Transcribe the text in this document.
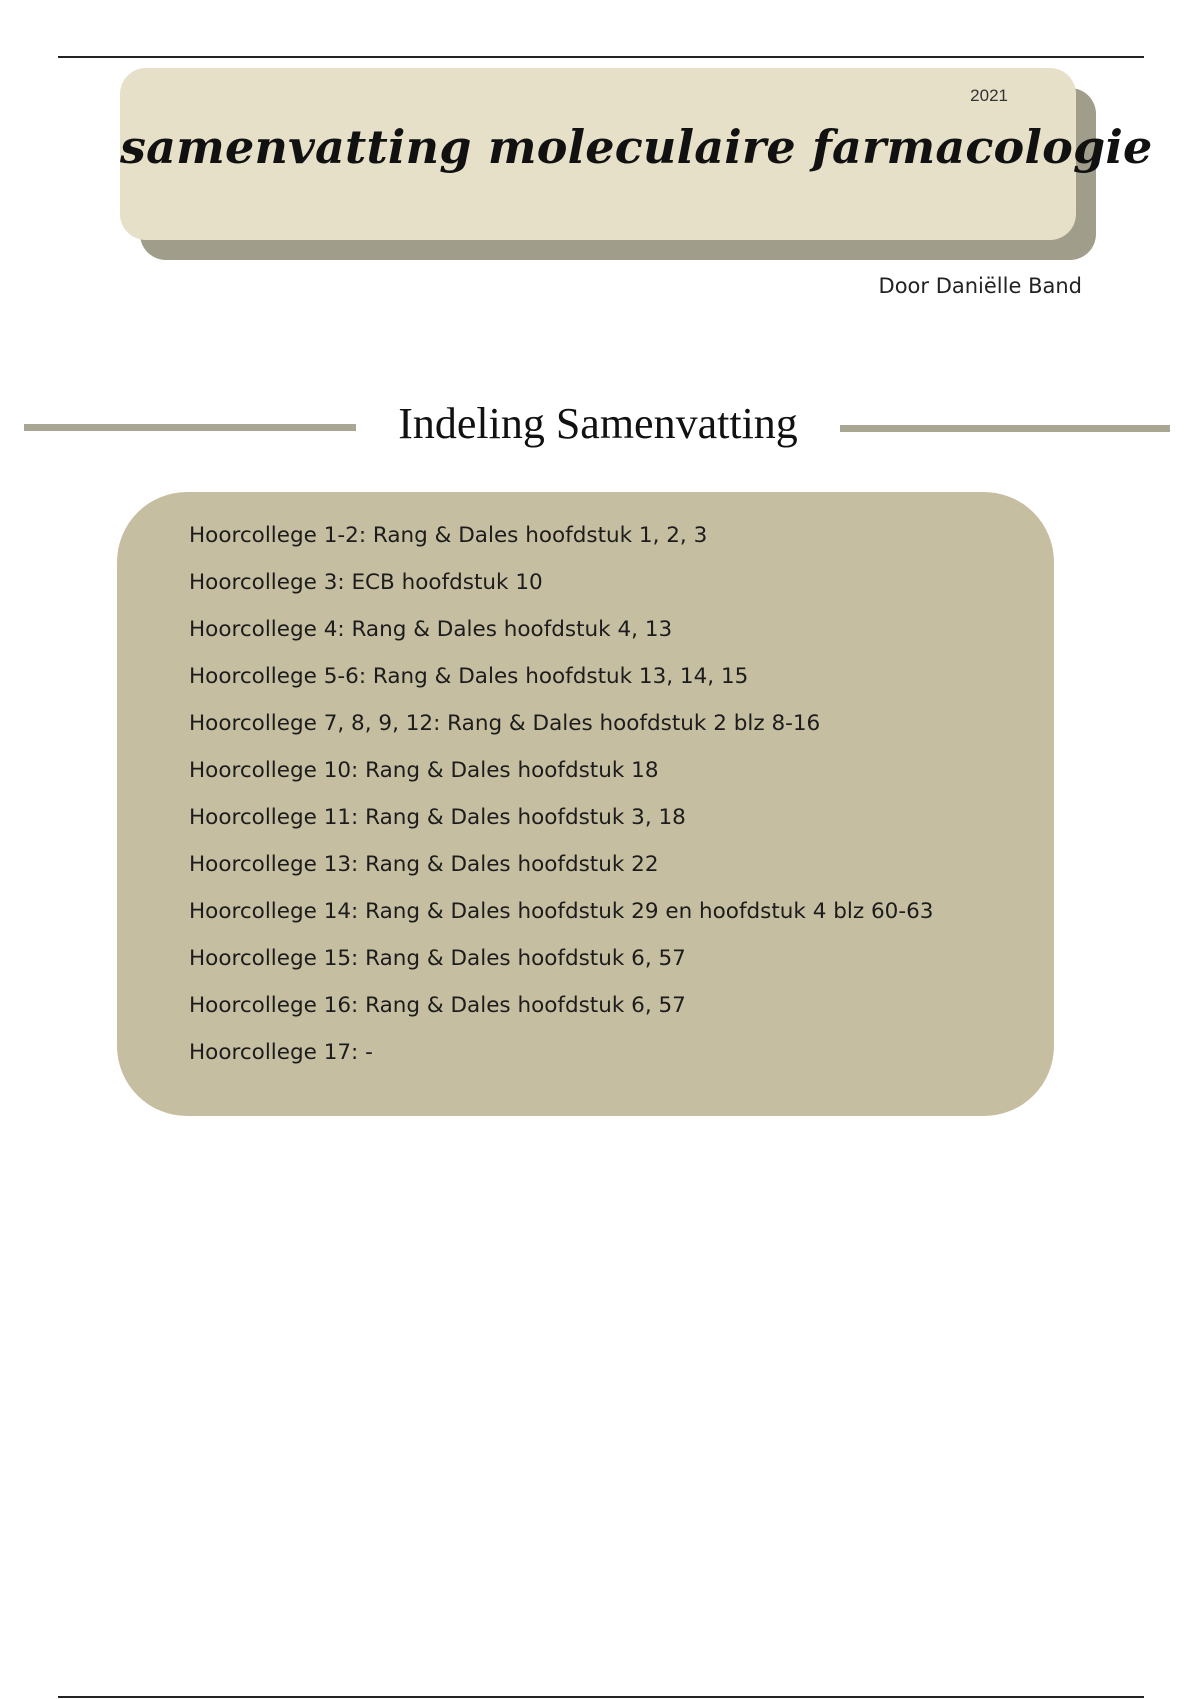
2021
samenvatting moleculaire farmacologie
Door Daniëlle Band
Indeling Samenvatting
Hoorcollege 1-2: Rang & Dales hoofdstuk 1, 2, 3
Hoorcollege 3: ECB hoofdstuk 10
Hoorcollege 4: Rang & Dales hoofdstuk 4, 13
Hoorcollege 5-6: Rang & Dales hoofdstuk 13, 14, 15
Hoorcollege 7, 8, 9, 12: Rang & Dales hoofdstuk 2 blz 8-16
Hoorcollege 10: Rang & Dales hoofdstuk 18
Hoorcollege 11: Rang & Dales hoofdstuk 3, 18
Hoorcollege 13: Rang & Dales hoofdstuk 22
Hoorcollege 14: Rang & Dales hoofdstuk 29 en hoofdstuk 4 blz 60-63
Hoorcollege 15: Rang & Dales hoofdstuk 6, 57
Hoorcollege 16: Rang & Dales hoofdstuk 6, 57
Hoorcollege 17: -
